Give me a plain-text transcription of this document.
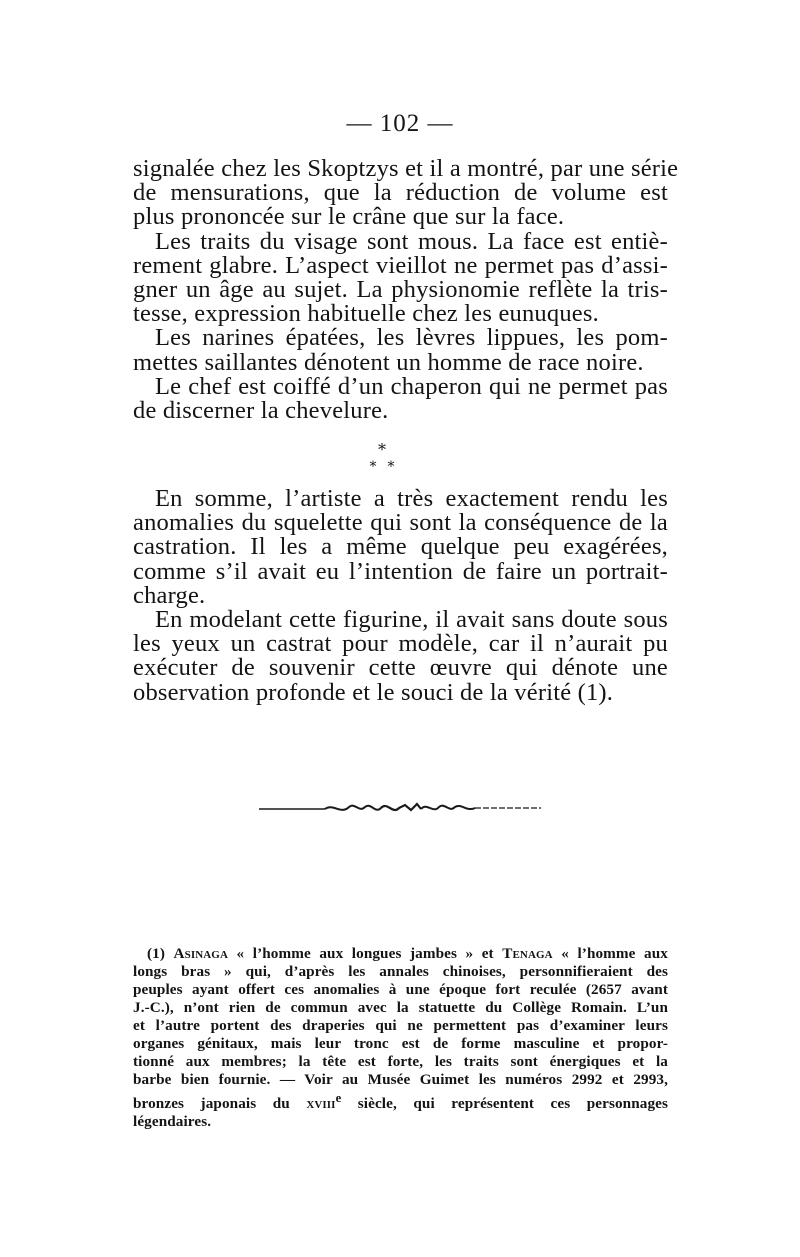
— 102 —
signalée chez les Skoptzys et il a montré, par une série
de mensurations, que la réduction de volume est
plus prononcée sur le crâne que sur la face.
Les traits du visage sont mous. La face est entiè-
rement glabre. L’aspect vieillot ne permet pas d’assi-
gner un âge au sujet. La physionomie reflète la tris-
tesse, expression habituelle chez les eunuques.
Les narines épatées, les lèvres lippues, les pom-
mettes saillantes dénotent un homme de race noire.
Le chef est coiffé d’un chaperon qui ne permet pas
de discerner la chevelure.
*
* *
En somme, l’artiste a très exactement rendu les
anomalies du squelette qui sont la conséquence de la
castration. Il les a même quelque peu exagérées,
comme s’il avait eu l’intention de faire un portrait-
charge.
En modelant cette figurine, il avait sans doute sous
les yeux un castrat pour modèle, car il n’aurait pu
exécuter de souvenir cette œuvre qui dénote une
observation profonde et le souci de la vérité (1).
(1) Asinaga « l’homme aux longues jambes » et Tenaga « l’homme aux
longs bras » qui, d’après les annales chinoises, personnifieraient des
peuples ayant offert ces anomalies à une époque fort reculée (2657 avant
J.-C.), n’ont rien de commun avec la statuette du Collège Romain. L’un
et l’autre portent des draperies qui ne permettent pas d’examiner leurs
organes génitaux, mais leur tronc est de forme masculine et propor-
tionné aux membres; la tête est forte, les traits sont énergiques et la
barbe bien fournie. — Voir au Musée Guimet les numéros 2992 et 2993,
bronzes japonais du xviii$^e$ siècle, qui représentent ces personnages
légendaires.
